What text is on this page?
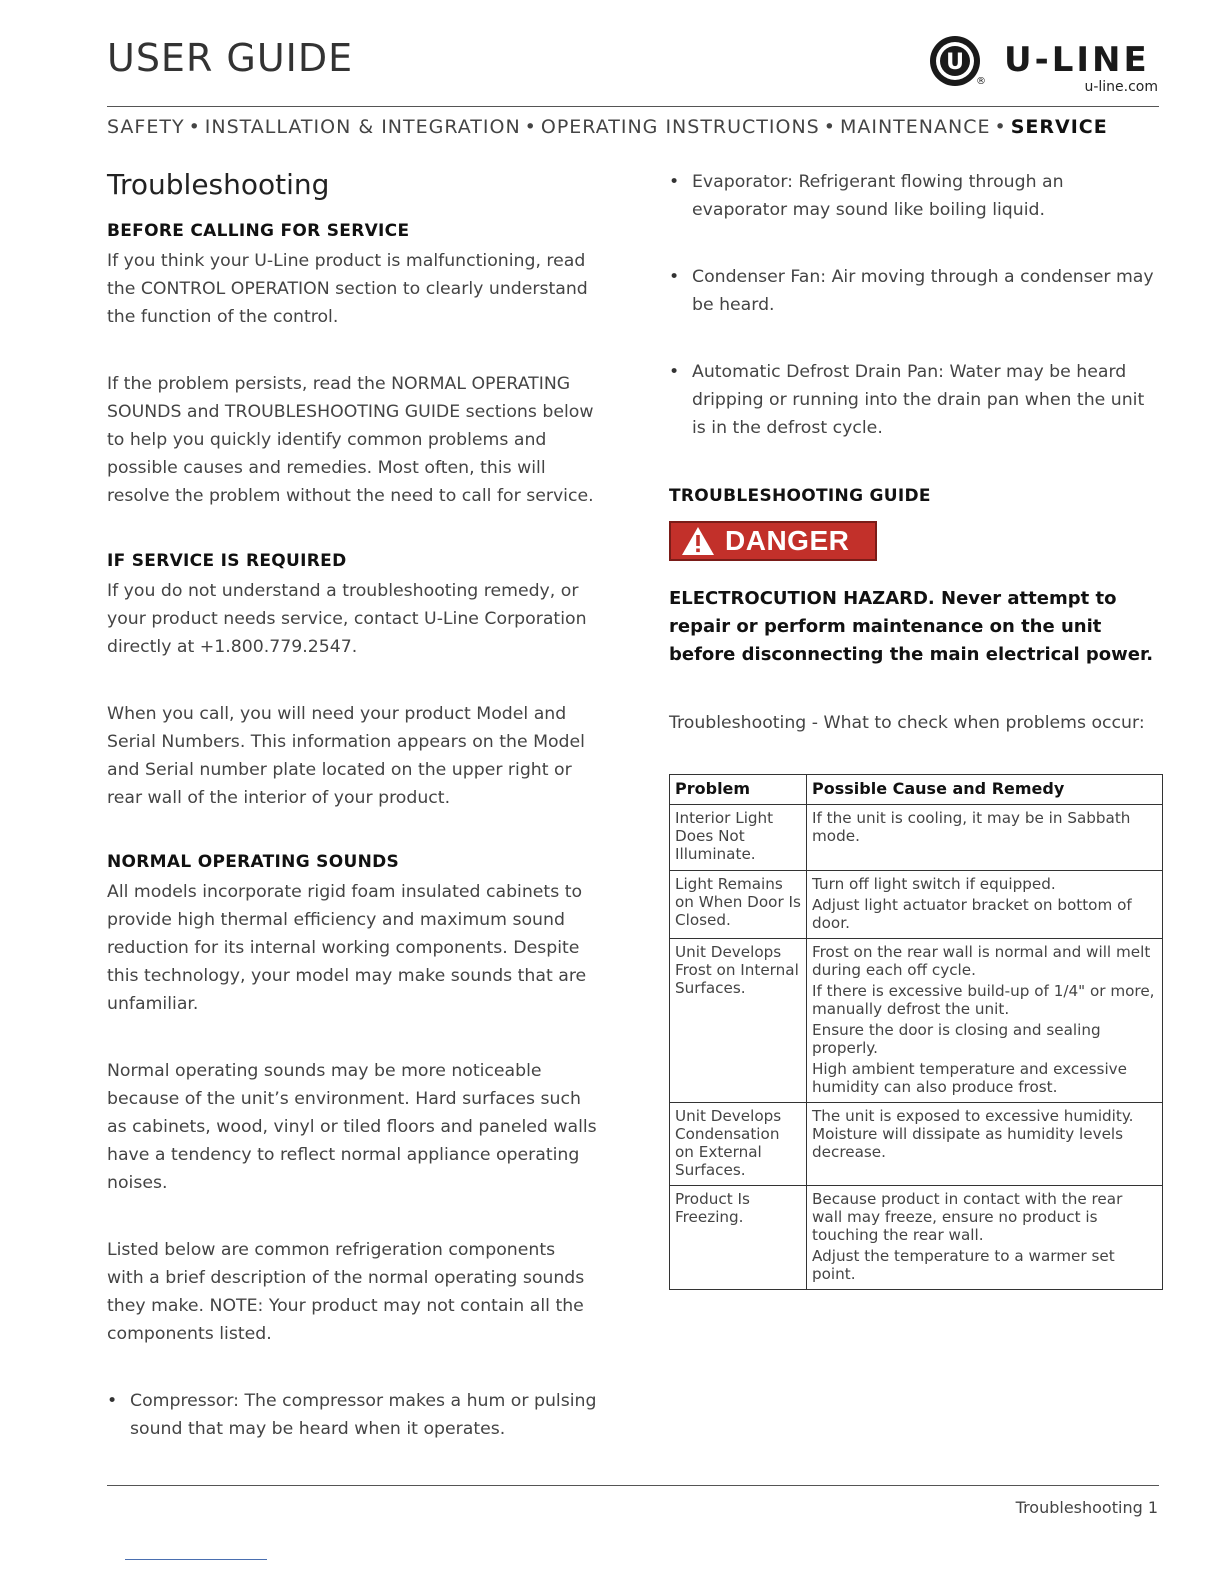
USER GUIDE	U
®
U-LINE
u-line.com
SAFETY • INSTALLATION & INTEGRATION • OPERATING INSTRUCTIONS • MAINTENANCE • SERVICE
Troubleshooting
BEFORE CALLING FOR SERVICE

If you think your U-Line product is malfunctioning, read the CONTROL OPERATION section to clearly understand the function of the control.

If the problem persists, read the NORMAL OPERATING SOUNDS and TROUBLESHOOTING GUIDE sections below to help you quickly identify common problems and possible causes and remedies. Most often, this will resolve the problem without the need to call for service.

IF SERVICE IS REQUIRED

If you do not understand a troubleshooting remedy, or your product needs service, contact U-Line Corporation directly at +1.800.779.2547.

When you call, you will need your product Model and Serial Numbers. This information appears on the Model and Serial number plate located on the upper right or rear wall of the interior of your product.

NORMAL OPERATING SOUNDS

All models incorporate rigid foam insulated cabinets to provide high thermal efficiency and maximum sound reduction for its internal working components. Despite this technology, your model may make sounds that are unfamiliar.

Normal operating sounds may be more noticeable because of the unit’s environment. Hard surfaces such as cabinets, wood, vinyl or tiled floors and paneled walls have a tendency to reflect normal appliance operating noises.

Listed below are common refrigeration components with a brief description of the normal operating sounds they make. NOTE: Your product may not contain all the components listed.

• Compressor: The compressor makes a hum or pulsing sound that may be heard when it operates.
• Evaporator: Refrigerant flowing through an evaporator may sound like boiling liquid.
• Condenser Fan: Air moving through a condenser may be heard.
• Automatic Defrost Drain Pan: Water may be heard dripping or running into the drain pan when the unit is in the defrost cycle.
TROUBLESHOOTING GUIDE
DANGER

ELECTROCUTION HAZARD. Never attempt to repair or perform maintenance on the unit before disconnecting the main electrical power.

Troubleshooting - What to check when problems occur:

Problem	Possible Cause and Remedy
Interior Light Does Not Illuminate.	If the unit is cooling, it may be in Sabbath mode.

Light Remains on When Door Is Closed.	Turn off light switch if equipped.
Adjust light actuator bracket on bottom of door.

Unit Develops Frost on Internal Surfaces.	Frost on the rear wall is normal and will melt during each off cycle.
If there is excessive build-up of 1/4" or more, manually defrost the unit.
Ensure the door is closing and sealing properly.
High ambient temperature and excessive humidity can also produce frost.

Unit Develops Condensation on External Surfaces.	The unit is exposed to excessive humidity. Moisture will dissipate as humidity levels decrease.

Product Is Freezing.	Because product in contact with the rear wall may freeze, ensure no product is touching the rear wall.
Adjust the temperature to a warmer set point.
Troubleshooting 1
